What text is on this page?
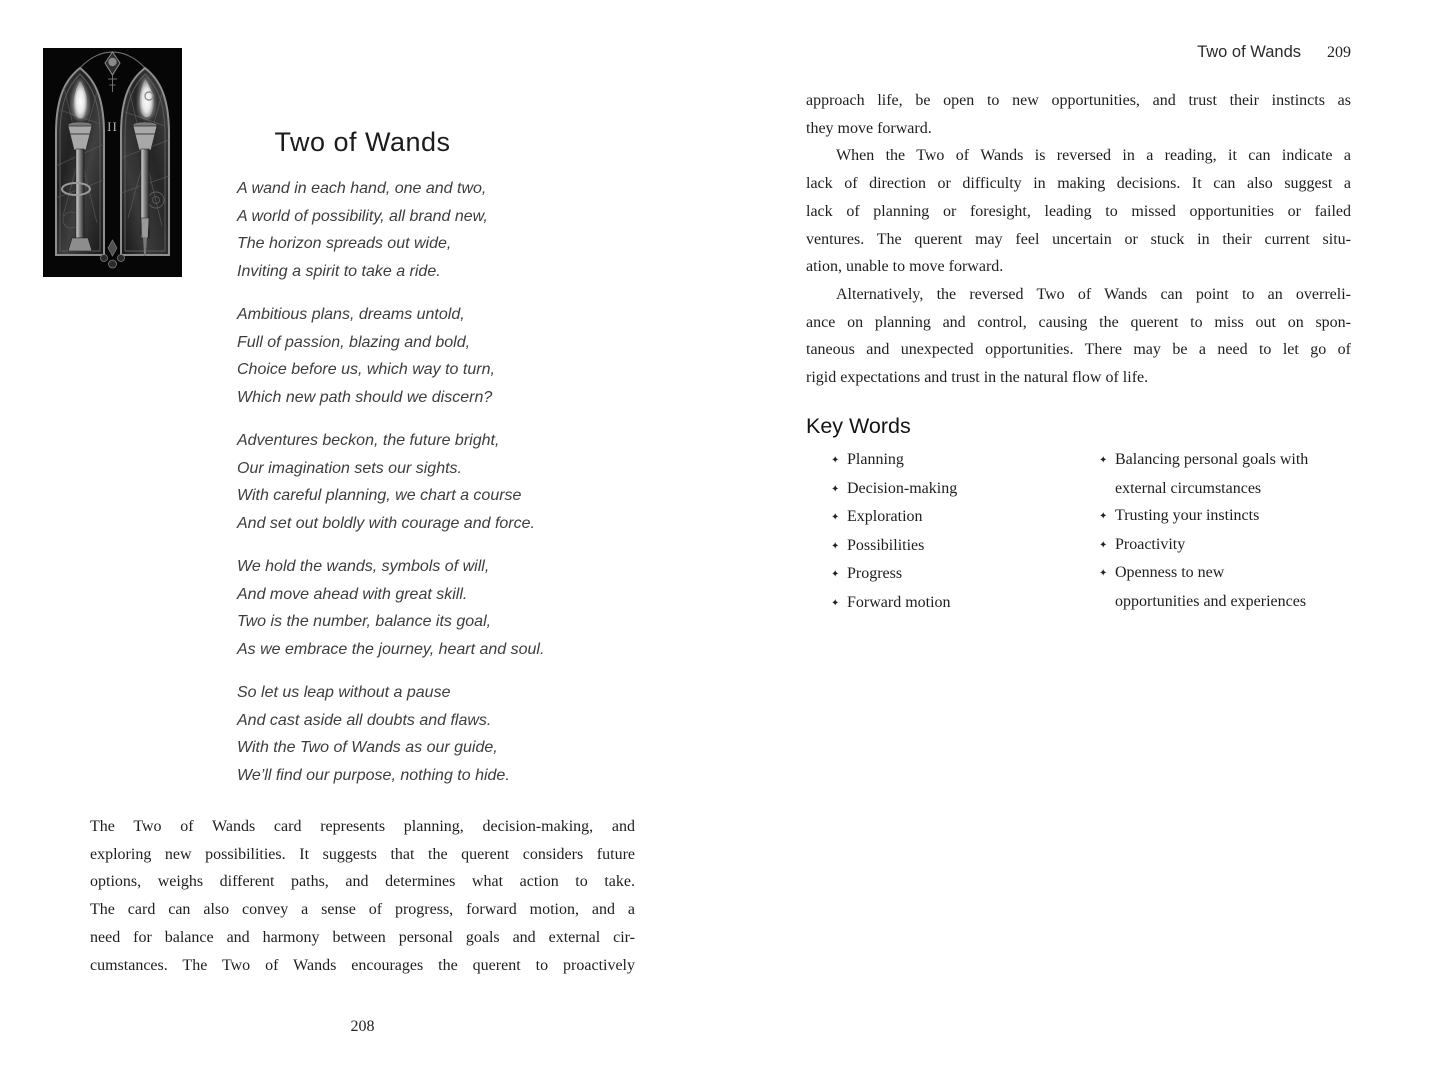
II
Two of Wands
A wand in each hand, one and two,
A world of possibility, all brand new,
The horizon spreads out wide,
Inviting a spirit to take a ride.
Ambitious plans, dreams untold,
Full of passion, blazing and bold,
Choice before us, which way to turn,
Which new path should we discern?
Adventures beckon, the future bright,
Our imagination sets our sights.
With careful planning, we chart a course
And set out boldly with courage and force.
We hold the wands, symbols of will,
And move ahead with great skill.
Two is the number, balance its goal,
As we embrace the journey, heart and soul.
So let us leap without a pause
And cast aside all doubts and flaws.
With the Two of Wands as our guide,
We’ll find our purpose, nothing to hide.
The Two of Wands card represents planning, decision-making, and
exploring new possibilities. It suggests that the querent considers future
options, weighs different paths, and determines what action to take.
The card can also convey a sense of progress, forward motion, and a
need for balance and harmony between personal goals and external cir-
cumstances. The Two of Wands encourages the querent to proactively
208
Two of Wands 209
approach life, be open to new opportunities, and trust their instincts as
they move forward.
When the Two of Wands is reversed in a reading, it can indicate a
lack of direction or difficulty in making decisions. It can also suggest a
lack of planning or foresight, leading to missed opportunities or failed
ventures. The querent may feel uncertain or stuck in their current situ-
ation, unable to move forward.
Alternatively, the reversed Two of Wands can point to an overreli-
ance on planning and control, causing the querent to miss out on spon-
taneous and unexpected opportunities. There may be a need to let go of
rigid expectations and trust in the natural flow of life.
Key Words
✦ Planning
✦ Decision-making
✦ Exploration
✦ Possibilities
✦ Progress
✦ Forward motion
✦ Balancing personal goals with
external circumstances
✦ Trusting your instincts
✦ Proactivity
✦ Openness to new
opportunities and experiences
